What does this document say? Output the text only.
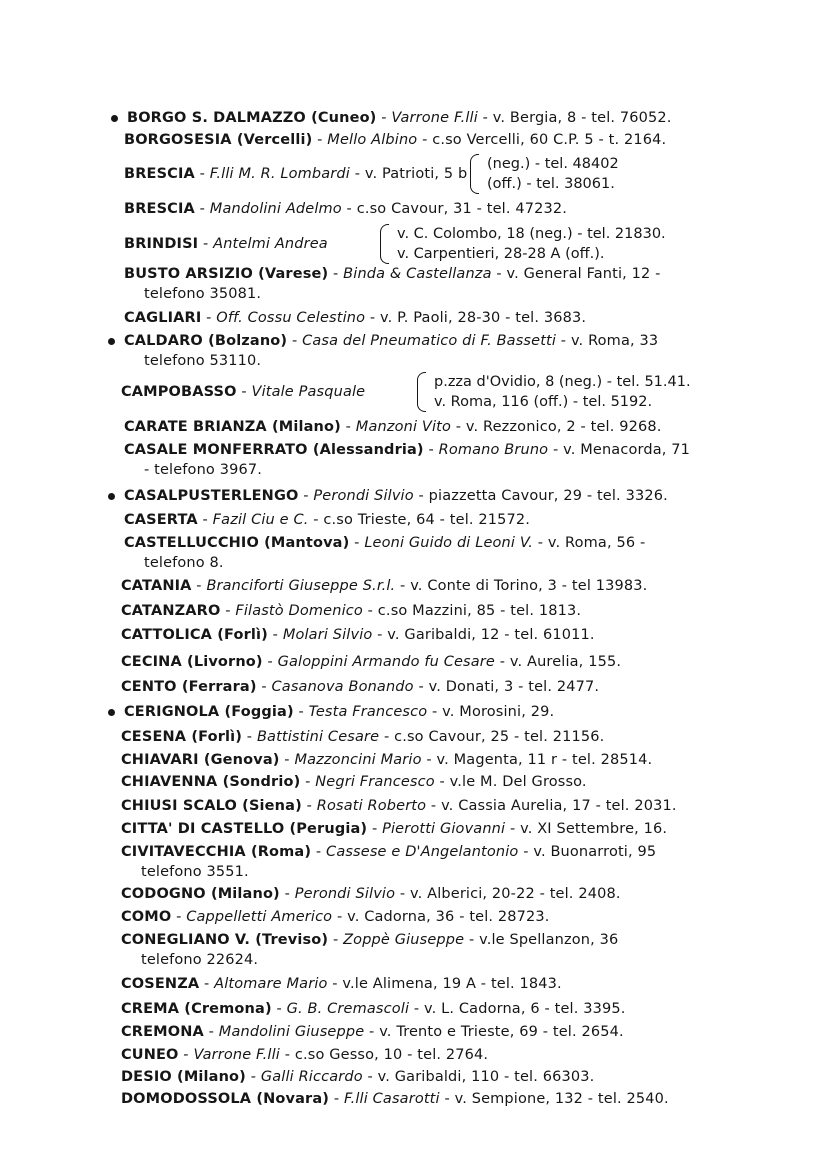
BORGO S. DALMAZZO (Cuneo) - Varrone F.lli - v. Bergia, 8 - tel. 76052.
BORGOSESIA (Vercelli) - Mello Albino - c.so Vercelli, 60 C.P. 5 - t. 2164.
BRESCIA - F.lli M. R. Lombardi - v. Patrioti, 5 b
(neg.) - tel. 48402
(off.) - tel. 38061.
BRESCIA - Mandolini Adelmo - c.so Cavour, 31 - tel. 47232.
BRINDISI - Antelmi Andrea
v. C. Colombo, 18 (neg.) - tel. 21830.
v. Carpentieri, 28-28 A (off.).
BUSTO ARSIZIO (Varese) - Binda & Castellanza - v. General Fanti, 12 -
telefono 35081.
CAGLIARI - Off. Cossu Celestino - v. P. Paoli, 28-30 - tel. 3683.
CALDARO (Bolzano) - Casa del Pneumatico di F. Bassetti - v. Roma, 33
telefono 53110.
CAMPOBASSO - Vitale Pasquale
p.zza d'Ovidio, 8 (neg.) - tel. 51.41.
v. Roma, 116 (off.) - tel. 5192.
CARATE BRIANZA (Milano) - Manzoni Vito - v. Rezzonico, 2 - tel. 9268.
CASALE MONFERRATO (Alessandria) - Romano Bruno - v. Menacorda, 71
- telefono 3967.
CASALPUSTERLENGO - Perondi Silvio - piazzetta Cavour, 29 - tel. 3326.
CASERTA - Fazil Ciu e C. - c.so Trieste, 64 - tel. 21572.
CASTELLUCCHIO (Mantova) - Leoni Guido di Leoni V. - v. Roma, 56 -
telefono 8.
CATANIA - Branciforti Giuseppe S.r.l. - v. Conte di Torino, 3 - tel 13983.
CATANZARO - Filastò Domenico - c.so Mazzini, 85 - tel. 1813.
CATTOLICA (Forlì) - Molari Silvio - v. Garibaldi, 12 - tel. 61011.
CECINA (Livorno) - Galoppini Armando fu Cesare - v. Aurelia, 155.
CENTO (Ferrara) - Casanova Bonando - v. Donati, 3 - tel. 2477.
CERIGNOLA (Foggia) - Testa Francesco - v. Morosini, 29.
CESENA (Forlì) - Battistini Cesare - c.so Cavour, 25 - tel. 21156.
CHIAVARI (Genova) - Mazzoncini Mario - v. Magenta, 11 r - tel. 28514.
CHIAVENNA (Sondrio) - Negri Francesco - v.le M. Del Grosso.
CHIUSI SCALO (Siena) - Rosati Roberto - v. Cassia Aurelia, 17 - tel. 2031.
CITTA' DI CASTELLO (Perugia) - Pierotti Giovanni - v. XI Settembre, 16.
CIVITAVECCHIA (Roma) - Cassese e D'Angelantonio - v. Buonarroti, 95
telefono 3551.
CODOGNO (Milano) - Perondi Silvio - v. Alberici, 20-22 - tel. 2408.
COMO - Cappelletti Americo - v. Cadorna, 36 - tel. 28723.
CONEGLIANO V. (Treviso) - Zoppè Giuseppe - v.le Spellanzon, 36
telefono 22624.
COSENZA - Altomare Mario - v.le Alimena, 19 A - tel. 1843.
CREMA (Cremona) - G. B. Cremascoli - v. L. Cadorna, 6 - tel. 3395.
CREMONA - Mandolini Giuseppe - v. Trento e Trieste, 69 - tel. 2654.
CUNEO - Varrone F.lli - c.so Gesso, 10 - tel. 2764.
DESIO (Milano) - Galli Riccardo - v. Garibaldi, 110 - tel. 66303.
DOMODOSSOLA (Novara) - F.lli Casarotti - v. Sempione, 132 - tel. 2540.
